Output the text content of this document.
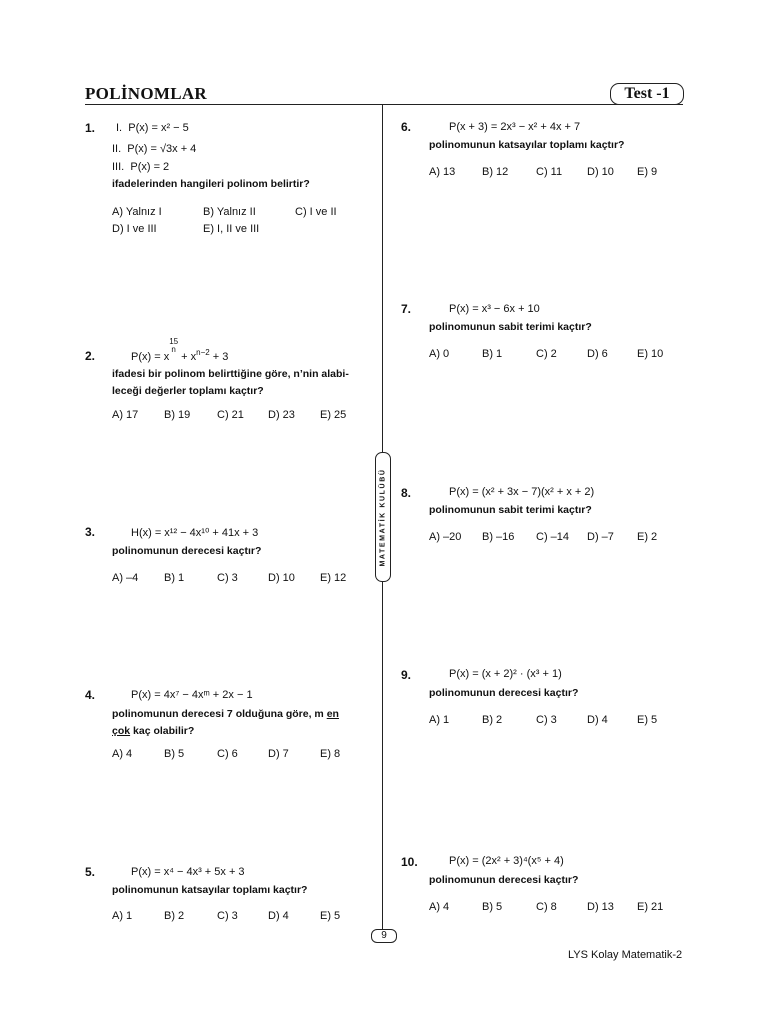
POLİNOMLAR	Test -1
MATEMATİK KULÜBÜ
1. I. P(x) = x² − 5
II. P(x) = √3x + 4
III. P(x) = 2
ifadelerinden hangileri polinom belirtir?
A) Yalnız I	B) Yalnız II	C) I ve II
D) I ve III	E) I, II ve III
2.	P(x) = x
15
n
+ $x^{n-2} + 3$
ifadesi bir polinom belirttiğine göre, n’nin alabi-
leceği değerler toplamı kaçtır?
A) 17 B) 19 C) 21 D) 23 E) 25
3.	H(x) = x¹² − 4x¹⁰ + 41x + 3
polinomunun derecesi kaçtır?
A) –4 B) 1	C) 3	D) 10 E) 12
4.	P(x) = 4x⁷ − 4xᵐ + 2x − 1
polinomunun derecesi 7 olduğuna göre, m en
çok kaç olabilir?
A) 4	B) 5	C) 6	D) 7	E) 8
5.	P(x) = x⁴ − 4x³ + 5x + 3
polinomunun katsayılar toplamı kaçtır?
A) 1	B) 2	C) 3	D) 4	E) 5
6.	P(x + 3) = 2x³ − x² + 4x + 7
polinomunun katsayılar toplamı kaçtır?
A) 13 B) 12	C) 11 D) 10 E) 9
7.	P(x) = x³ − 6x + 10
polinomunun sabit terimi kaçtır?
A) 0	B) 1	C) 2	D) 6	E) 10
8.	P(x) = (x² + 3x − 7)(x² + x + 2)
polinomunun sabit terimi kaçtır?
A) –20 B) –16 C) –14 D) –7 E) 2
9.	P(x) = (x + 2)² · (x³ + 1)
polinomunun derecesi kaçtır?
A) 1	B) 2	C) 3	D) 4	E) 5
10.	P(x) = (2x² + 3)⁴(x⁵ + 4)
polinomunun derecesi kaçtır?
A) 4	B) 5	C) 8	D) 13 E) 21
9
LYS Kolay Matematik-2
